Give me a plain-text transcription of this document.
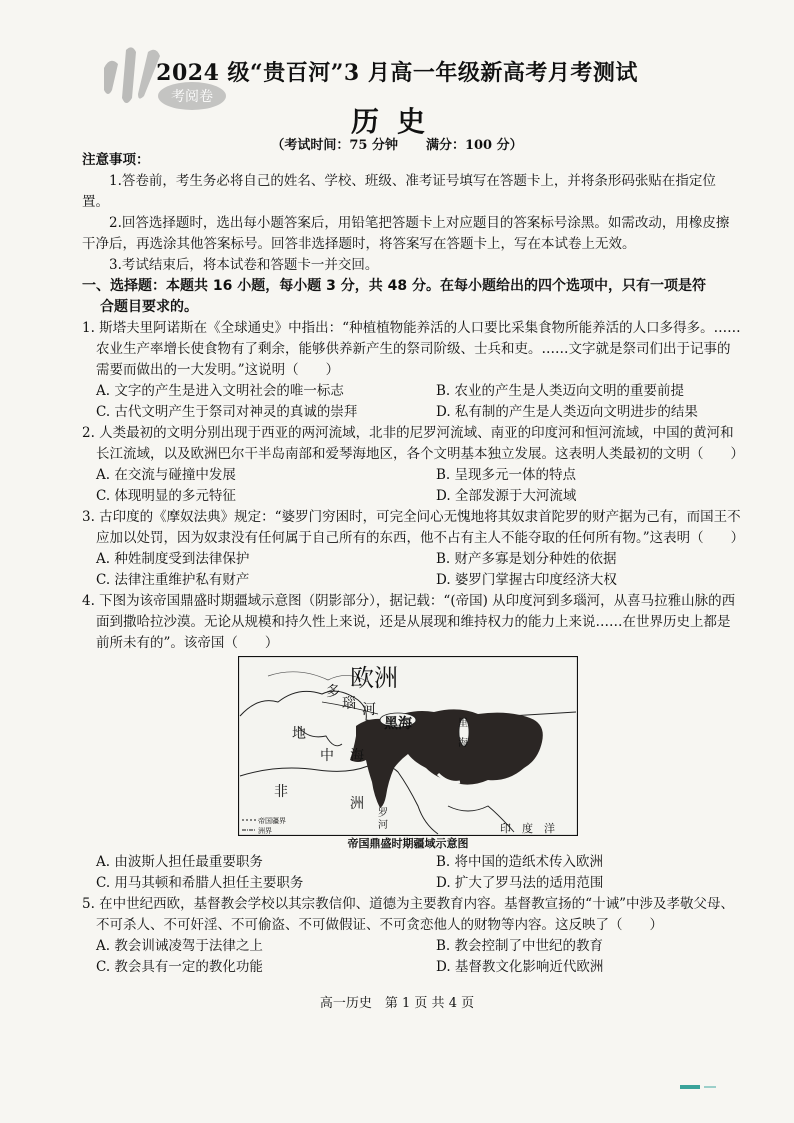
考阅卷
2024 级“贵百河”3 月高一年级新高考月考测试
历史
（考试时间：75 分钟 满分：100 分）
注意事项：

1.答卷前，考生务必将自己的姓名、学校、班级、准考证号填写在答题卡上，并将条形码张贴在指定位置。

2.回答选择题时，选出每小题答案后，用铅笔把答题卡上对应题目的答案标号涂黑。如需改动，用橡皮擦干净后，再选涂其他答案标号。回答非选择题时，将答案写在答题卡上，写在本试卷上无效。

3.考试结束后，将本试卷和答题卡一并交回。

一、选择题：本题共 16 小题，每小题 3 分，共 48 分。在每小题给出的四个选项中，只有一项是符
合题目要求的。

1. 斯塔夫里阿诺斯在《全球通史》中指出：“种植植物能养活的人口要比采集食物所能养活的人口多得多。……农业生产率增长使食物有了剩余，能够供养新产生的祭司阶级、士兵和吏。……文字就是祭司们出于记事的需要而做出的一大发明。”这说明（　　）
A. 文字的产生是进入文明社会的唯一标志	B. 农业的产生是人类迈向文明的重要前提
C. 古代文明产生于祭司对神灵的真诚的崇拜	D. 私有制的产生是人类迈向文明进步的结果
2. 人类最初的文明分别出现于西亚的两河流域，北非的尼罗河流域、南亚的印度河和恒河流域，中国的黄河和长江流域，以及欧洲巴尔干半岛南部和爱琴海地区，各个文明基本独立发展。这表明人类最初的文明（　　）
A. 在交流与碰撞中发展	B. 呈现多元一体的特点
C. 体现明显的多元特征	D. 全部发源于大河流域
3. 古印度的《摩奴法典》规定：“婆罗门穷困时，可完全问心无愧地将其奴隶首陀罗的财产据为己有，而国王不应加以处罚，因为奴隶没有任何属于自己所有的东西，他不占有主人不能夺取的任何所有物。”这表明（　　）
A. 种姓制度受到法律保护	B. 财产多寡是划分种姓的依据
C. 法律注重维护私有财产	D. 婆罗门掌握古印度经济大权
4. 下图为该帝国鼎盛时期疆域示意图（阴影部分），据记载：“(帝国) 从印度河到多瑙河，从喜马拉雅山脉的西面到撒哈拉沙漠。无论从规模和持久性上来说，还是从展现和维持权力的能力上来说……在世界历史上都是前所未有的”。该帝国（　　）
欧洲
多
瑙 河
黑海
地
中 海
里
海
非
洲
罗
河	印　度　洋
帝国疆界
洲界
帝国鼎盛时期疆域示意图
A. 由波斯人担任最重要职务	B. 将中国的造纸术传入欧洲
C. 用马其顿和希腊人担任主要职务	D. 扩大了罗马法的适用范围
5. 在中世纪西欧，基督教会学校以其宗教信仰、道德为主要教育内容。基督教宣扬的“十诫”中涉及孝敬父母、不可杀人、不可奸淫、不可偷盗、不可做假证、不可贪恋他人的财物等内容。这反映了（　　）
A. 教会训诫凌驾于法律之上	B. 教会控制了中世纪的教育
C. 教会具有一定的教化功能	D. 基督教文化影响近代欧洲
高一历史　第 1 页 共 4 页
